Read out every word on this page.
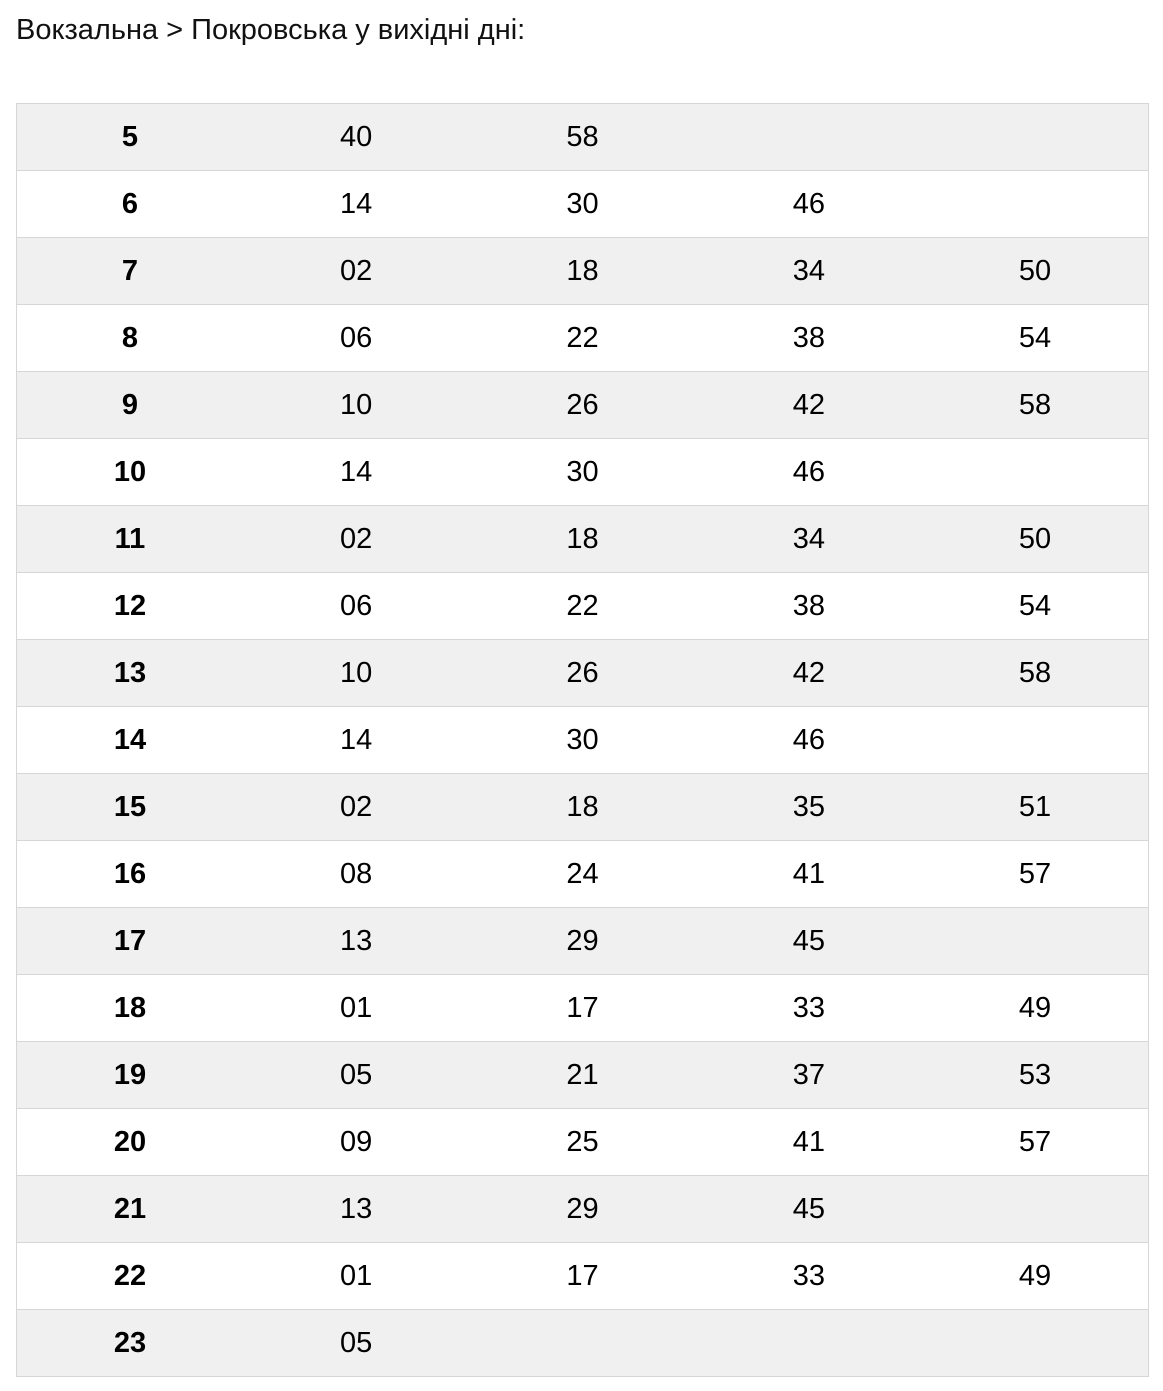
Вокзальна > Покровська у вихідні дні:
5	40	58		
6	14	30	46	
7	02	18	34	50
8	06	22	38	54
9	10	26	42	58
10	14	30	46	
11	02	18	34	50
12	06	22	38	54
13	10	26	42	58
14	14	30	46	
15	02	18	35	51
16	08	24	41	57
17	13	29	45	
18	01	17	33	49
19	05	21	37	53
20	09	25	41	57
21	13	29	45	
22	01	17	33	49
23	05			
